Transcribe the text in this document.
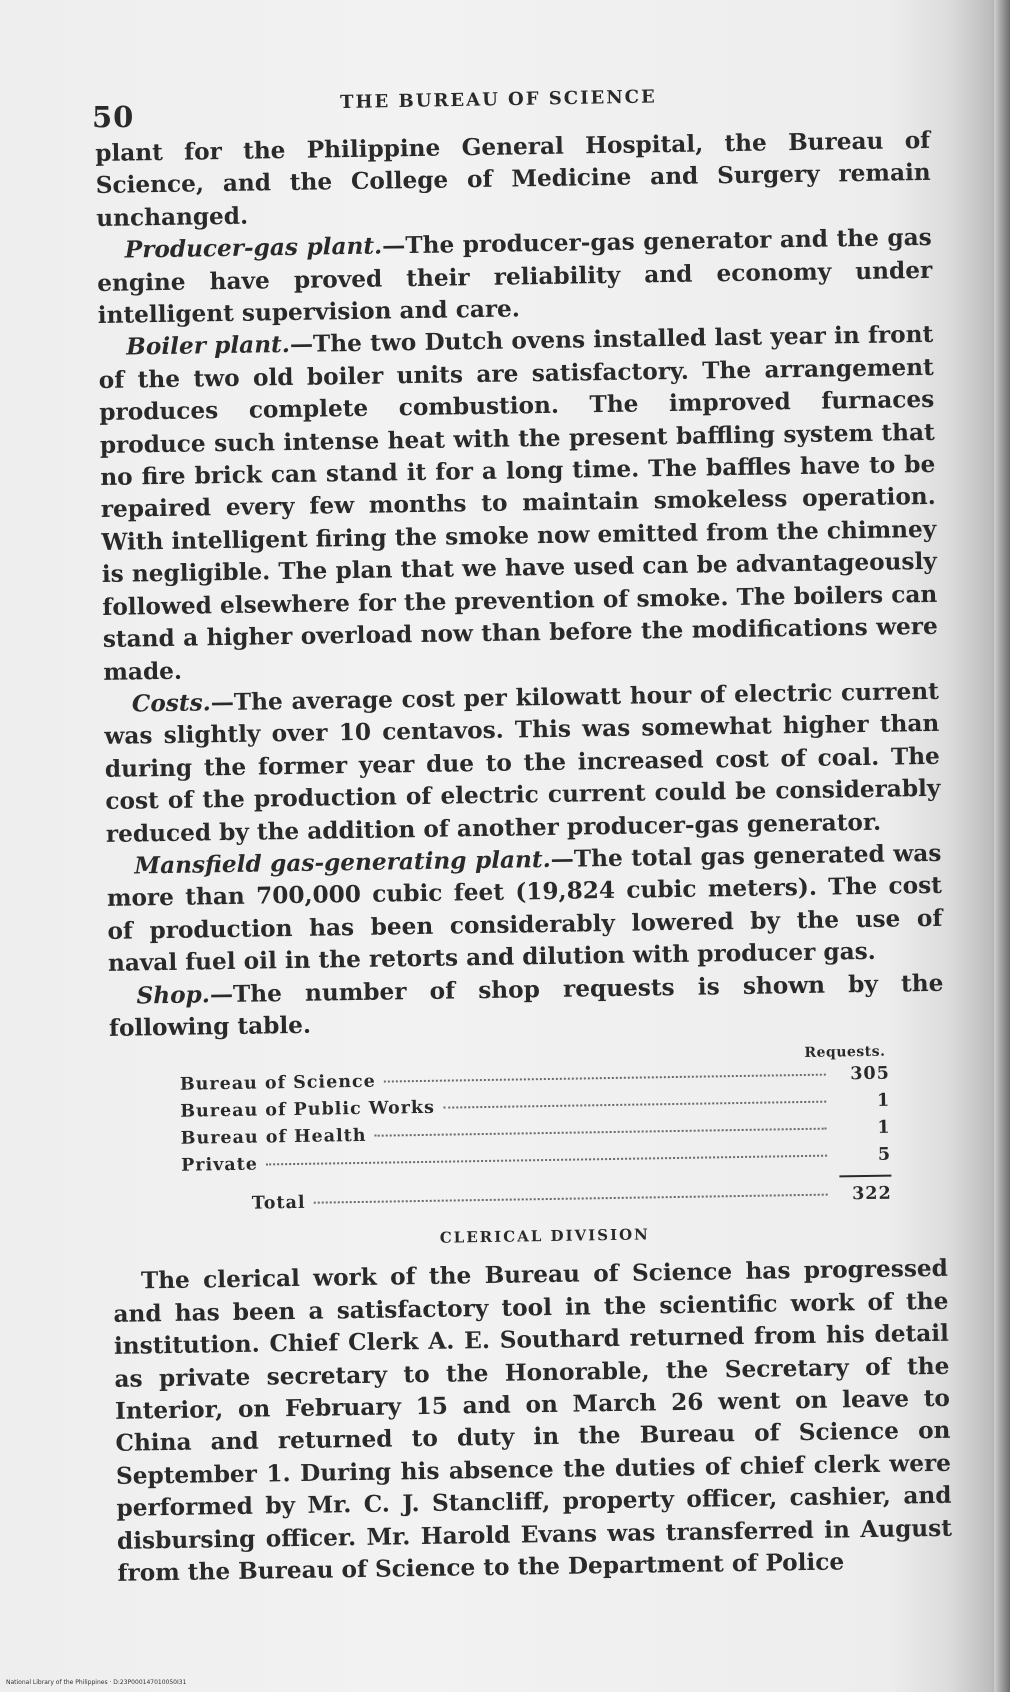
50
THE BUREAU OF SCIENCE

plant for the Philippine General Hospital, the Bureau of Science, and the College of Medicine and Surgery remain unchanged.

Producer-gas plant.—The producer-gas generator and the gas engine have proved their reliability and economy under intelligent supervision and care.

Boiler plant.—The two Dutch ovens installed last year in front of the two old boiler units are satisfactory. The arrangement produces complete combustion. The improved furnaces produce such intense heat with the present baffling system that no fire brick can stand it for a long time. The baffles have to be repaired every few months to maintain smokeless operation. With intelligent firing the smoke now emitted from the chimney is negligible. The plan that we have used can be advantageously followed elsewhere for the prevention of smoke. The boilers can stand a higher overload now than before the modifications were made.

Costs.—The average cost per kilowatt hour of electric current was slightly over 10 centavos. This was somewhat higher than during the former year due to the increased cost of coal. The cost of the production of electric current could be considerably reduced by the addition of another producer-gas generator.

Mansfield gas-generating plant.—The total gas generated was more than 700,000 cubic feet (19,824 cubic meters). The cost of production has been considerably lowered by the use of naval fuel oil in the retorts and dilution with producer gas.

Shop.—The number of shop requests is shown by the following table.

Requests.
Bureau of Science	305
Bureau of Public Works	1
Bureau of Health	1
Private	5
Total	322
CLERICAL DIVISION

The clerical work of the Bureau of Science has progressed and has been a satisfactory tool in the scientific work of the institution. Chief Clerk A. E. Southard returned from his detail as private secretary to the Honorable, the Secretary of the Interior, on February 15 and on March 26 went on leave to China and returned to duty in the Bureau of Science on September 1. During his absence the duties of chief clerk were performed by Mr. C. J. Stancliff, property officer, cashier, and disbursing officer. Mr. Harold Evans was transferred in August from the Bureau of Science to the Department of Police

National Library of the Philippines · D:23P000147010050I31
